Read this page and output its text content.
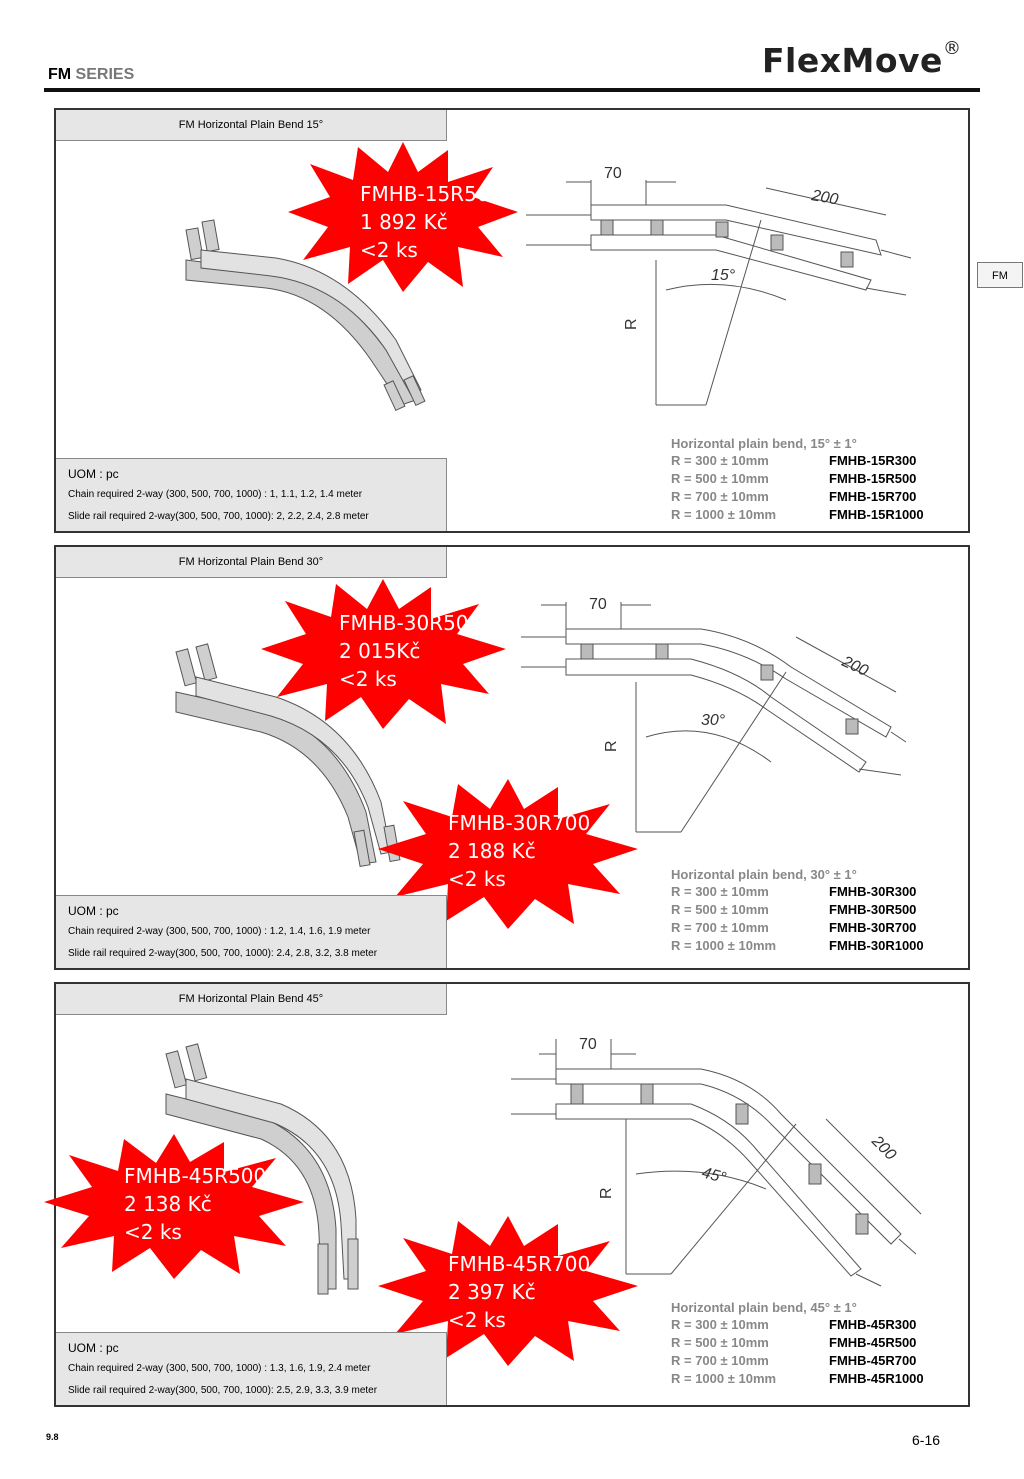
FM SERIES	FlexMove®
FM
FM Horizontal Plain Bend 15°
70
200
15°
R
FMHB-15R500
1 892 Kč
<2 ks
Horizontal plain bend, 15° ± 1°
R = 300 ± 10mm	FMHB-15R300
R = 500 ± 10mm	FMHB-15R500
R = 700 ± 10mm	FMHB-15R700
R = 1000 ± 10mm	FMHB-15R1000
UOM : pc
Chain required 2-way (300, 500, 700, 1000) : 1, 1.1, 1.2, 1.4 meter
Slide rail required 2-way(300, 500, 700, 1000): 2, 2.2, 2.4, 2.8 meter
FM Horizontal Plain Bend 30°
70
200
30°
R
FMHB-30R500
2 015Kč
<2 ks
FMHB-30R700
2 188 Kč
<2 ks	Horizontal plain bend, 30° ± 1°
R = 300 ± 10mm	FMHB-30R300
R = 500 ± 10mm	FMHB-30R500
R = 700 ± 10mm	FMHB-30R700
R = 1000 ± 10mm	FMHB-30R1000
UOM : pc
Chain required 2-way (300, 500, 700, 1000) : 1.2, 1.4, 1.6, 1.9 meter
Slide rail required 2-way(300, 500, 700, 1000): 2.4, 2.8, 3.2, 3.8 meter
FM Horizontal Plain Bend 45°
70
200
45°
R
FMHB-45R500
2 138 Kč
<2 ks
FMHB-45R700
2 397 Kč
<2 ks
Horizontal plain bend, 45° ± 1°
R = 300 ± 10mm	FMHB-45R300
R = 500 ± 10mm	FMHB-45R500
R = 700 ± 10mm	FMHB-45R700
R = 1000 ± 10mm	FMHB-45R1000
UOM : pc
Chain required 2-way (300, 500, 700, 1000) : 1.3, 1.6, 1.9, 2.4 meter
Slide rail required 2-way(300, 500, 700, 1000): 2.5, 2.9, 3.3, 3.9 meter
9.8	6-16
